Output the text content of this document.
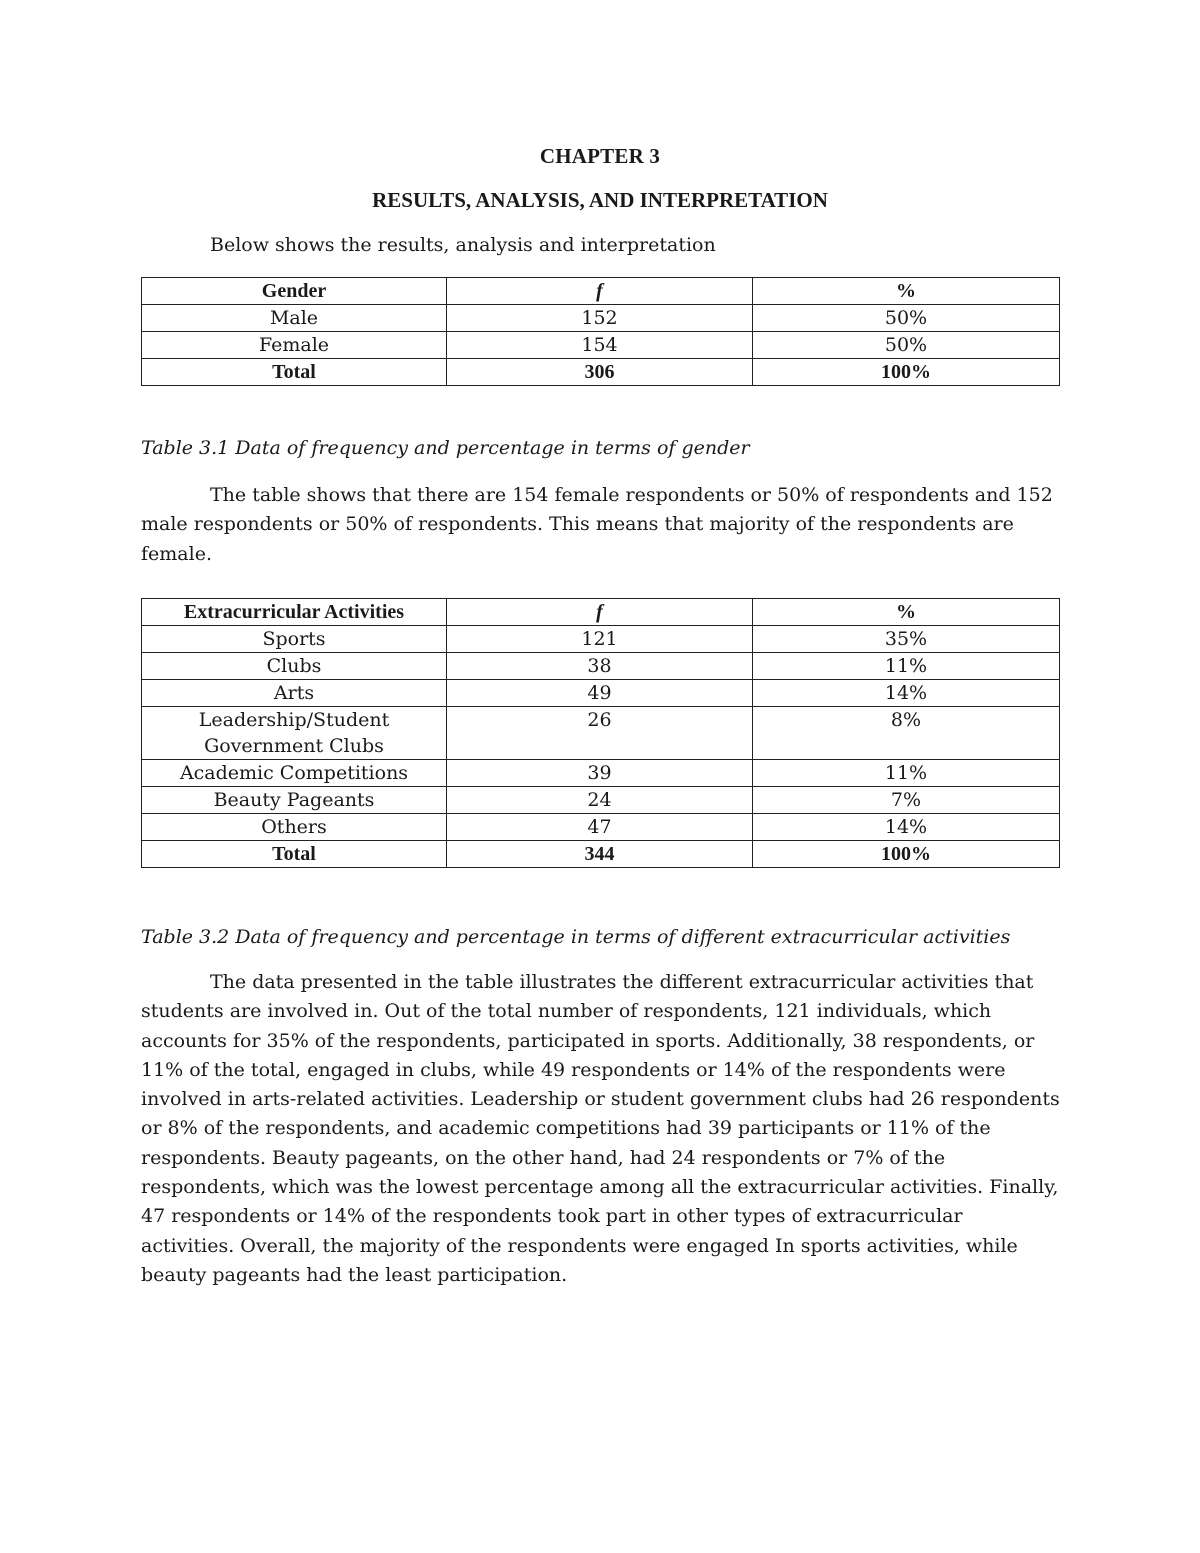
CHAPTER 3
RESULTS, ANALYSIS, AND INTERPRETATION
Below shows the results, analysis and interpretation
Gender	f	%
Male	152	50%
Female	154	50%
Total	306	100%
Table 3.1 Data of frequency and percentage in terms of gender

The table shows that there are 154 female respondents or 50% of respondents and 152 male respondents or 50% of respondents. This means that majority of the respondents are female.

Extracurricular Activities	f	%
Sports	121	35%
Clubs	38	11%
Arts	49	14%
Leadership/Student Government Clubs	26	8%
Academic Competitions	39	11%
Beauty Pageants	24	7%
Others	47	14%
Total	344	100%
Table 3.2 Data of frequency and percentage in terms of different extracurricular activities

The data presented in the table illustrates the different extracurricular activities that students are involved in. Out of the total number of respondents, 121 individuals, which accounts for 35% of the respondents, participated in sports. Additionally, 38 respondents, or 11% of the total, engaged in clubs, while 49 respondents or 14% of the respondents were involved in arts-related activities. Leadership or student government clubs had 26 respondents or 8% of the respondents, and academic competitions had 39 participants or 11% of the respondents. Beauty pageants, on the other hand, had 24 respondents or 7% of the respondents, which was the lowest percentage among all the extracurricular activities. Finally, 47 respondents or 14% of the respondents took part in other types of extracurricular activities. Overall, the majority of the respondents were engaged In sports activities, while beauty pageants had the least participation.
